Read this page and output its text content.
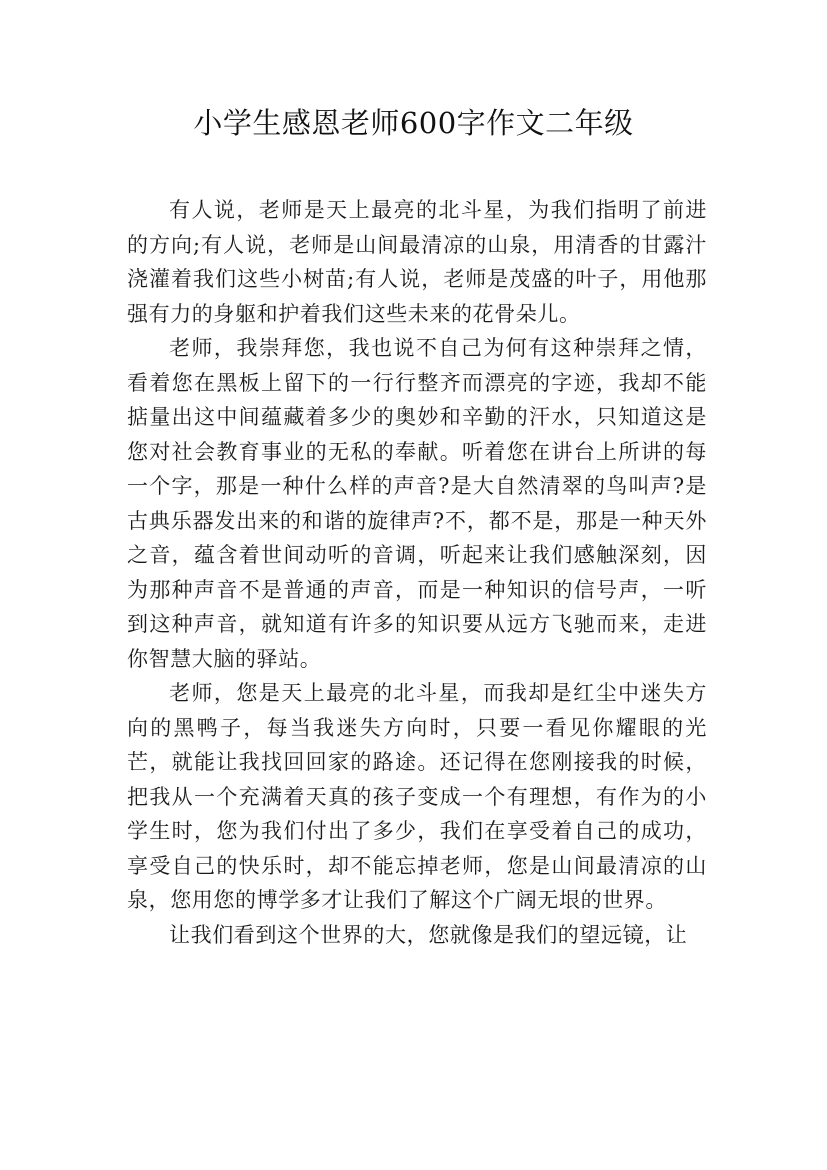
小学生感恩老师600字作文二年级

有人说，老师是天上最亮的北斗星，为我们指明了前进的方向;有人说，老师是山间最清凉的山泉，用清香的甘露汁浇灌着我们这些小树苗;有人说，老师是茂盛的叶子，用他那强有力的身躯和护着我们这些未来的花骨朵儿。

老师，我崇拜您，我也说不自己为何有这种崇拜之情，看着您在黑板上留下的一行行整齐而漂亮的字迹，我却不能掂量出这中间蕴藏着多少的奥妙和辛勤的汗水，只知道这是您对社会教育事业的无私的奉献。听着您在讲台上所讲的每一个字，那是一种什么样的声音?是大自然清翠的鸟叫声?是古典乐器发出来的和谐的旋律声?不，都不是，那是一种天外之音，蕴含着世间动听的音调，听起来让我们感触深刻，因为那种声音不是普通的声音，而是一种知识的信号声，一听到这种声音，就知道有许多的知识要从远方飞驰而来，走进你智慧大脑的驿站。

老师，您是天上最亮的北斗星，而我却是红尘中迷失方向的黑鸭子，每当我迷失方向时，只要一看见你耀眼的光芒，就能让我找回回家的路途。还记得在您刚接我的时候，把我从一个充满着天真的孩子变成一个有理想，有作为的小学生时，您为我们付出了多少，我们在享受着自己的成功，享受自己的快乐时，却不能忘掉老师，您是山间最清凉的山泉，您用您的博学多才让我们了解这个广阔无垠的世界。

让我们看到这个世界的大，您就像是我们的望远镜，让
